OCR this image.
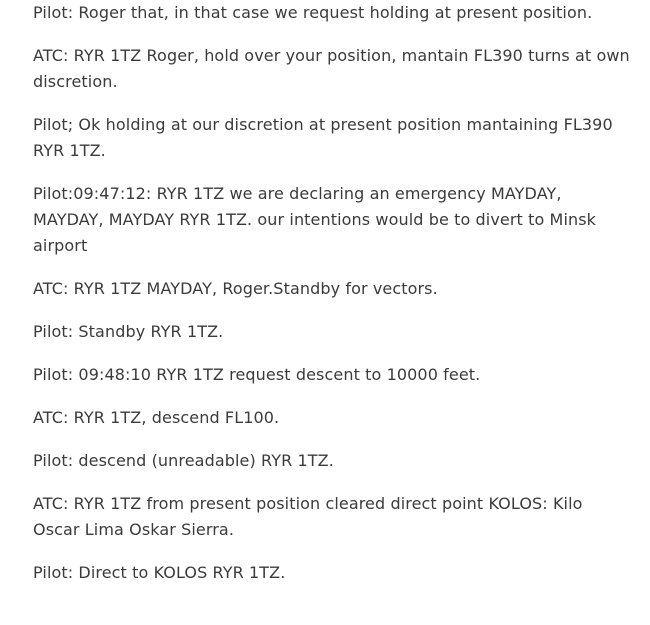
Pilot: Roger that, in that case we request holding at present position.

ATC: RYR 1TZ Roger, hold over your position, mantain FL390 turns at own discretion.

Pilot; Ok holding at our discretion at present position mantaining FL390 RYR 1TZ.

Pilot:09:47:12: RYR 1TZ we are declaring an emergency MAYDAY, MAYDAY, MAYDAY RYR 1TZ. our intentions would be to divert to Minsk airport

ATC: RYR 1TZ MAYDAY, Roger.Standby for vectors.

Pilot: Standby RYR 1TZ.

Pilot: 09:48:10 RYR 1TZ request descent to 10000 feet.

ATC: RYR 1TZ, descend FL100.

Pilot: descend (unreadable) RYR 1TZ.

ATC: RYR 1TZ from present position cleared direct point KOLOS: Kilo Oscar Lima Oskar Sierra.

Pilot: Direct to KOLOS RYR 1TZ.
